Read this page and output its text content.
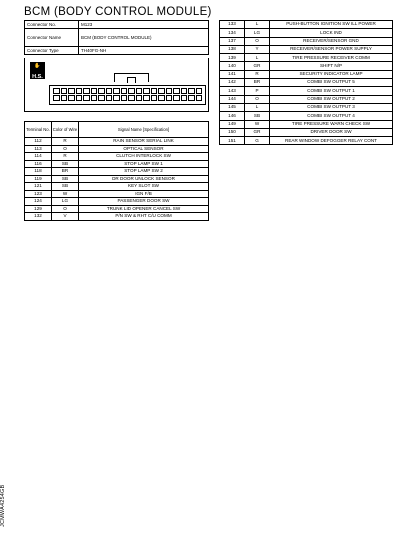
BCM (BODY CONTROL MODULE)
Connector No.	M123
Connector Name	BCM (BODY CONTROL MODULE)
Connector Type	TH40FG-NH
✋
H.S.
Terminal No.	Color of Wire	Signal Name [Specification]
112	R	RAIN SENSOR SERIAL LINK
113	O	OPTICAL SENSOR
114	R	CLUTCH INTERLOCK SW
116	SB	STOP LAMP SW 1
118	BR	STOP LAMP SW 2
119	SB	DR DOOR UNLOCK SENSOR
121	SB	KEY SLOT SW
123	W	IGN F/B
124	LG	PASSENGER DOOR SW
129	O	TRUNK LID OPENER CANCEL SW
132	V	P/N SW & RHT C/U COMM
133	L	PUSH-BUTTON IGNITION SW ILL POWER
134	LG	LOCK IND
137	O	RECEIVER/SENSOR GND
138	Y	RECEIVER/SENSOR POWER SUPPLY
139	L	TIRE PRESSURE RECEIVER COMM
140	GR	SHIFT N/P
141	R	SECURITY INDICATOR LAMP
142	BR	COMBI SW OUTPUT 5
143	P	COMBI SW OUTPUT 1
144	O	COMBI SW OUTPUT 2
145	L	COMBI SW OUTPUT 3
146	SB	COMBI SW OUTPUT 4
149	W	TIRE PRESSURE WARN CHECK SW
150	GR	DRIVER DOOR SW
151	G	REAR WINDOW DEFOGGER RELAY CONT
JCMWA4254GB
